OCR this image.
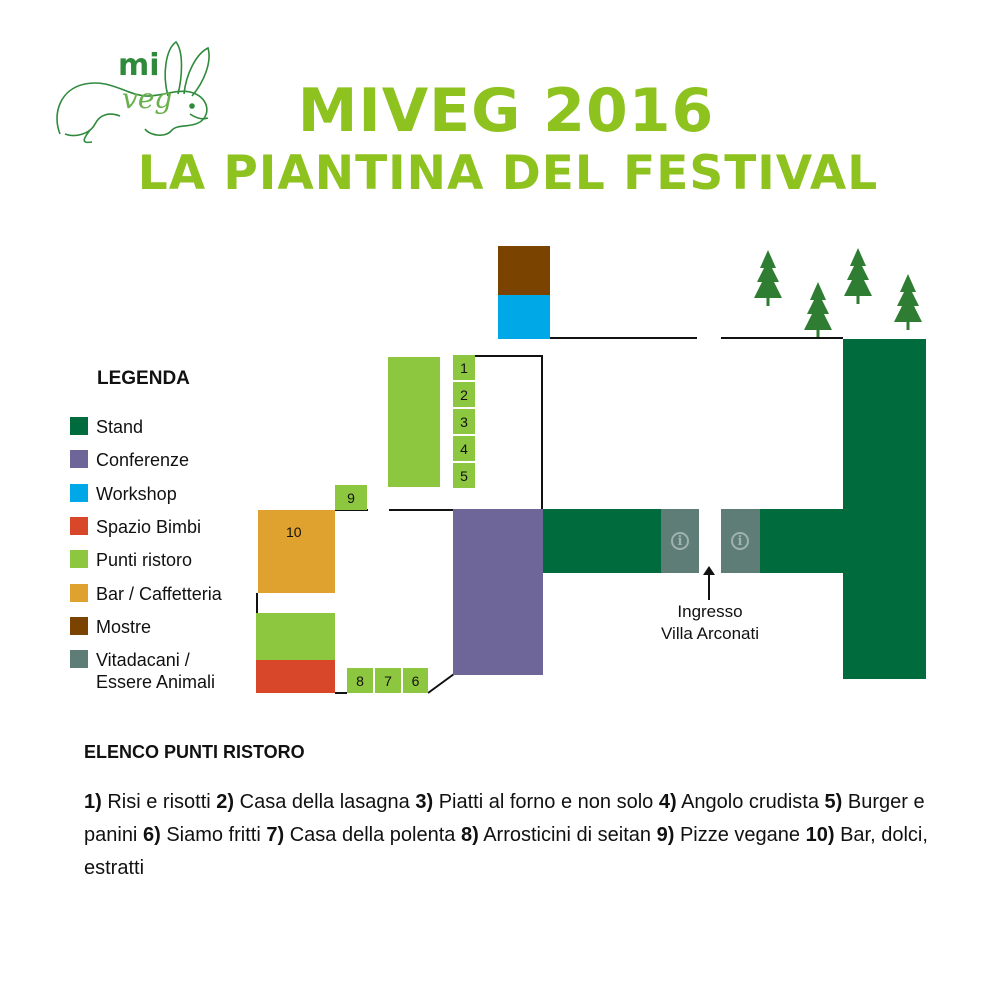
mi
veg	MIVEG 2016
LA PIANTINA DEL FESTIVAL
LEGENDA
Stand
Conferenze
Workshop
Spazio Bimbi
Punti ristoro
Bar / Caffetteria
Mostre
Vitadacani /
Essere Animali
1
2
3
4
5
9
10
8	7	6
i	i
Ingresso
Villa Arconati
ELENCO PUNTI RISTORO
1) Risi e risotti 2) Casa della lasagna 3) Piatti al forno e non solo 4) Angolo crudista 5) Burger e panini 6) Siamo fritti 7) Casa della polenta 8) Arrosticini di seitan 9) Pizze vegane 10) Bar, dolci, estratti
